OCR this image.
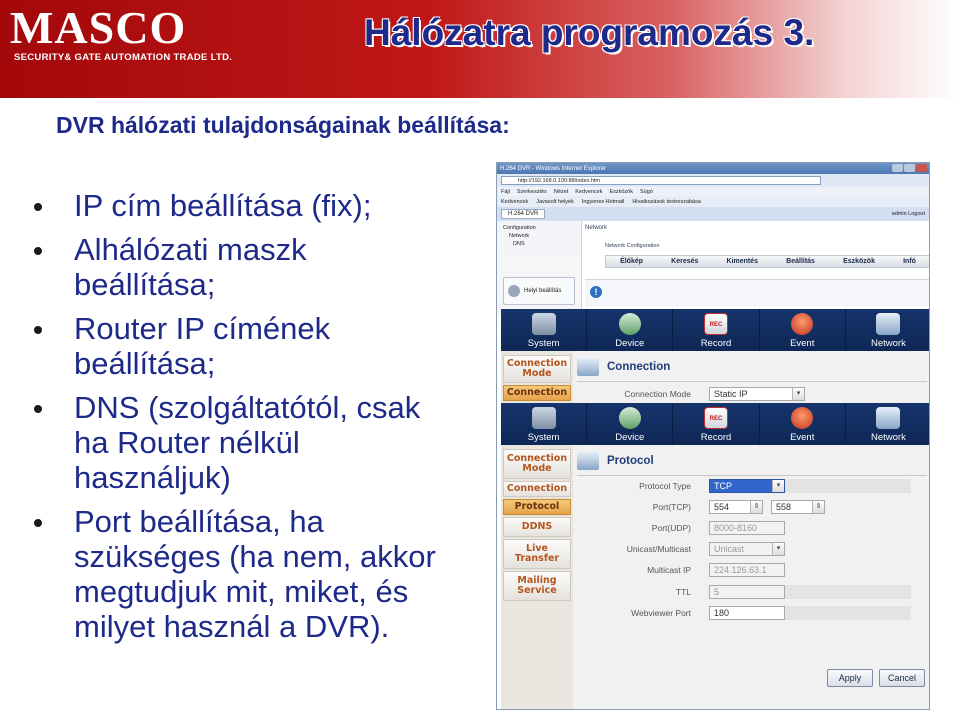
MASCO
SECURITY& GATE AUTOMATION TRADE LTD.
Hálózatra programozás 3.
DVR hálózati tulajdonságainak beállítása:
IP cím beállítása (fix);
Alhálózati maszk beállítása;
Router IP címének beállítása;
DNS (szolgáltatótól, csak ha Router nélkül használjuk)
Port beállítása, ha szükséges (ha nem, akkor megtudjuk mit, miket, és milyet használ a DVR).
H.264 DVR - Windows Internet Explorer
http://192.168.0.100:88/index.htm
Fájl Szerkesztés Nézet Kedvencek Eszközök Súgó
Kedvencek Javasolt helyek Ingyenes Hotmail Hivatkozások testreszabása
H.264 DVR	admin Logout
Configuration
Network
DNS
Network
Network Configuration
Élőkép	Keresés	Kimentés	Beállítás	Eszközök	Infó
Helyi beállítás	!
System	Device
REC
Record	Event	Network
Connection Mode
Connection
Connection
Connection Mode	Static IP	▾
System	Device
REC
Record	Event	Network
Connection Mode
Connection
Protocol
DDNS
Live Transfer
Mailing Service
Protocol
Protocol Type	TCP	▾
Port(TCP)	554	⇕	558	⇕
Port(UDP)	8000-8160
Unicast/Multicast	Unicast	▾
Multicast IP	224.126.63.1
TTL	5
Webviewer Port	180
Apply	Cancel
